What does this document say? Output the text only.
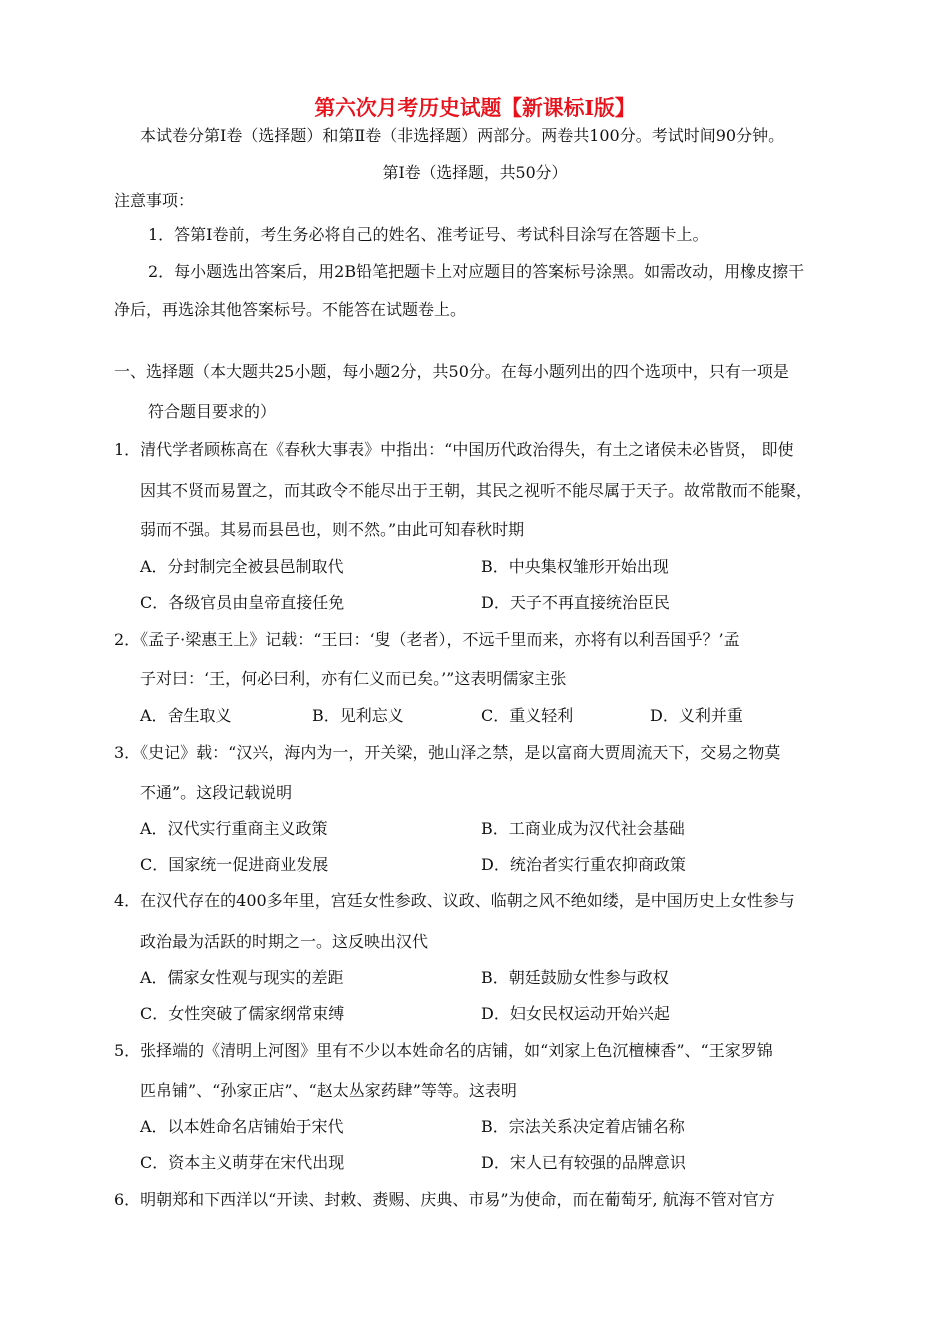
第六次月考历史试题【新课标Ⅰ版】
本试卷分第Ⅰ卷（选择题）和第Ⅱ卷（非选择题）两部分。两卷共100分。考试时间90分钟。
第Ⅰ卷（选择题，共50分）
注意事项：
1．答第Ⅰ卷前，考生务必将自己的姓名、准考证号、考试科目涂写在答题卡上。
2．每小题选出答案后，用2B铅笔把题卡上对应题目的答案标号涂黑。如需改动，用橡皮擦干
净后，再选涂其他答案标号。不能答在试题卷上。
一、选择题（本大题共25小题，每小题2分，共50分。在每小题列出的四个选项中，只有一项是
符合题目要求的）
1．清代学者顾栋高在《春秋大事表》中指出：“中国历代政治得失，有土之诸侯未必皆贤， 即使
因其不贤而易置之，而其政令不能尽出于王朝，其民之视听不能尽属于天子。故常散而不能聚，
弱而不强。其易而县邑也，则不然。”由此可知春秋时期
A．分封制完全被县邑制取代	B．中央集权雏形开始出现
C．各级官员由皇帝直接任免	D．天子不再直接统治臣民
2．《孟子·梁惠王上》记载：“王曰：‘叟（老者），不远千里而来，亦将有以利吾国乎？’孟
子对曰：‘王，何必曰利，亦有仁义而已矣。’”这表明儒家主张
A．舍生取义	B．见利忘义	C．重义轻利	D．义利并重
3．《史记》载：“汉兴，海内为一，开关梁，弛山泽之禁，是以富商大贾周流天下，交易之物莫
不通”。这段记载说明
A．汉代实行重商主义政策	B．工商业成为汉代社会基础
C．国家统一促进商业发展	D．统治者实行重农抑商政策
4．在汉代存在的400多年里，宫廷女性参政、议政、临朝之风不绝如缕，是中国历史上女性参与
政治最为活跃的时期之一。这反映出汉代
A．儒家女性观与现实的差距	B．朝廷鼓励女性参与政权
C．女性突破了儒家纲常束缚	D．妇女民权运动开始兴起
5．张择端的《清明上河图》里有不少以本姓命名的店铺，如“刘家上色沉檀楝香”、“王家罗锦
匹帛铺”、“孙家正店”、“赵太丛家药肆”等等。这表明
A．以本姓命名店铺始于宋代	B．宗法关系决定着店铺名称
C．资本主义萌芽在宋代出现	D．宋人已有较强的品牌意识
6．明朝郑和下西洋以“开读、封敕、赉赐、庆典、市易”为使命，而在葡萄牙, 航海不管对官方
